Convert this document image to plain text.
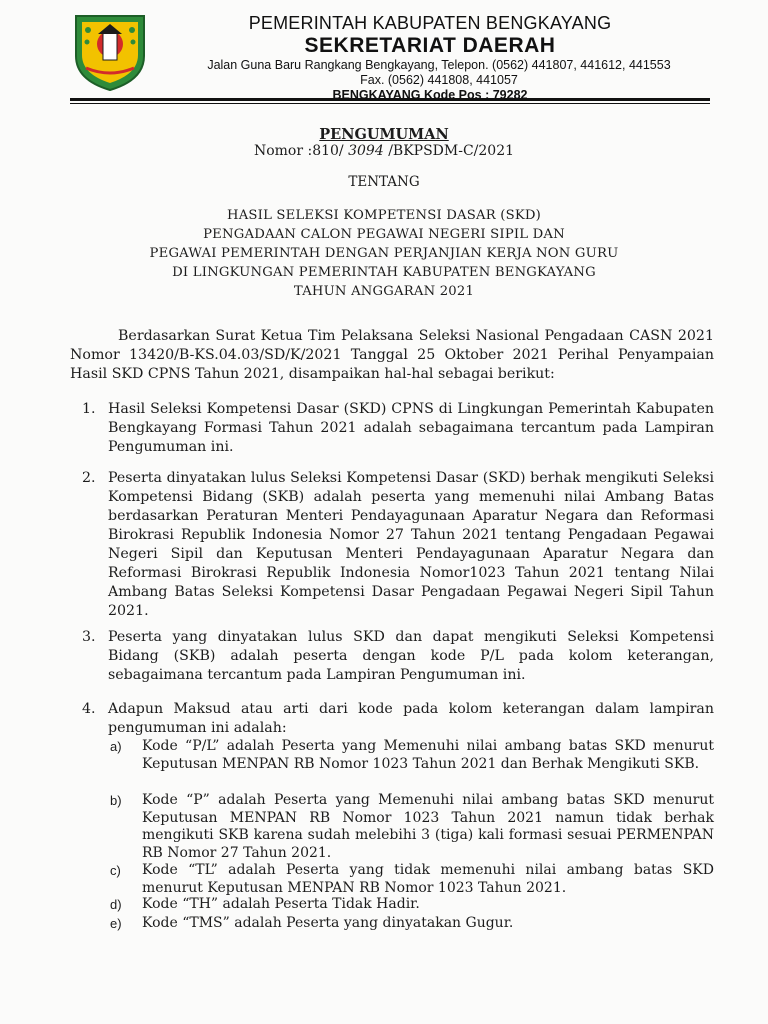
PEMERINTAH KABUPATEN BENGKAYANG
SEKRETARIAT DAERAH
Jalan Guna Baru Rangkang Bengkayang, Telepon. (0562) 441807, 441612, 441553
Fax. (0562) 441808, 441057
BENGKAYANG Kode Pos : 79282
PENGUMUMAN
Nomor :810/ 3094 /BKPSDM-C/2021
TENTANG
HASIL SELEKSI KOMPETENSI DASAR (SKD)
PENGADAAN CALON PEGAWAI NEGERI SIPIL DAN
PEGAWAI PEMERINTAH DENGAN PERJANJIAN KERJA NON GURU
DI LINGKUNGAN PEMERINTAH KABUPATEN BENGKAYANG
TAHUN ANGGARAN 2021
Berdasarkan Surat Ketua Tim Pelaksana Seleksi Nasional Pengadaan CASN 2021 Nomor 13420/B-KS.04.03/SD/K/2021 Tanggal 25 Oktober 2021 Perihal Penyampaian Hasil SKD CPNS Tahun 2021, disampaikan hal-hal sebagai berikut:
1. Hasil Seleksi Kompetensi Dasar (SKD) CPNS di Lingkungan Pemerintah Kabupaten Bengkayang Formasi Tahun 2021 adalah sebagaimana tercantum pada Lampiran Pengumuman ini.
2. Peserta dinyatakan lulus Seleksi Kompetensi Dasar (SKD) berhak mengikuti Seleksi Kompetensi Bidang (SKB) adalah peserta yang memenuhi nilai Ambang Batas berdasarkan Peraturan Menteri Pendayagunaan Aparatur Negara dan Reformasi Birokrasi Republik Indonesia Nomor 27 Tahun 2021 tentang Pengadaan Pegawai Negeri Sipil dan Keputusan Menteri Pendayagunaan Aparatur Negara dan Reformasi Birokrasi Republik Indonesia Nomor1023 Tahun 2021 tentang Nilai Ambang Batas Seleksi Kompetensi Dasar Pengadaan Pegawai Negeri Sipil Tahun 2021.
3. Peserta yang dinyatakan lulus SKD dan dapat mengikuti Seleksi Kompetensi Bidang (SKB) adalah peserta dengan kode P/L pada kolom keterangan, sebagaimana tercantum pada Lampiran Pengumuman ini.
4. Adapun Maksud atau arti dari kode pada kolom keterangan dalam lampiran pengumuman ini adalah:
a) Kode “P/L” adalah Peserta yang Memenuhi nilai ambang batas SKD menurut Keputusan MENPAN RB Nomor 1023 Tahun 2021 dan Berhak Mengikuti SKB.
b) Kode “P” adalah Peserta yang Memenuhi nilai ambang batas SKD menurut Keputusan MENPAN RB Nomor 1023 Tahun 2021 namun tidak berhak mengikuti SKB karena sudah melebihi 3 (tiga) kali formasi sesuai PERMENPAN RB Nomor 27 Tahun 2021.
c) Kode “TL” adalah Peserta yang tidak memenuhi nilai ambang batas SKD menurut Keputusan MENPAN RB Nomor 1023 Tahun 2021.
d) Kode “TH” adalah Peserta Tidak Hadir.
e) Kode “TMS” adalah Peserta yang dinyatakan Gugur.
